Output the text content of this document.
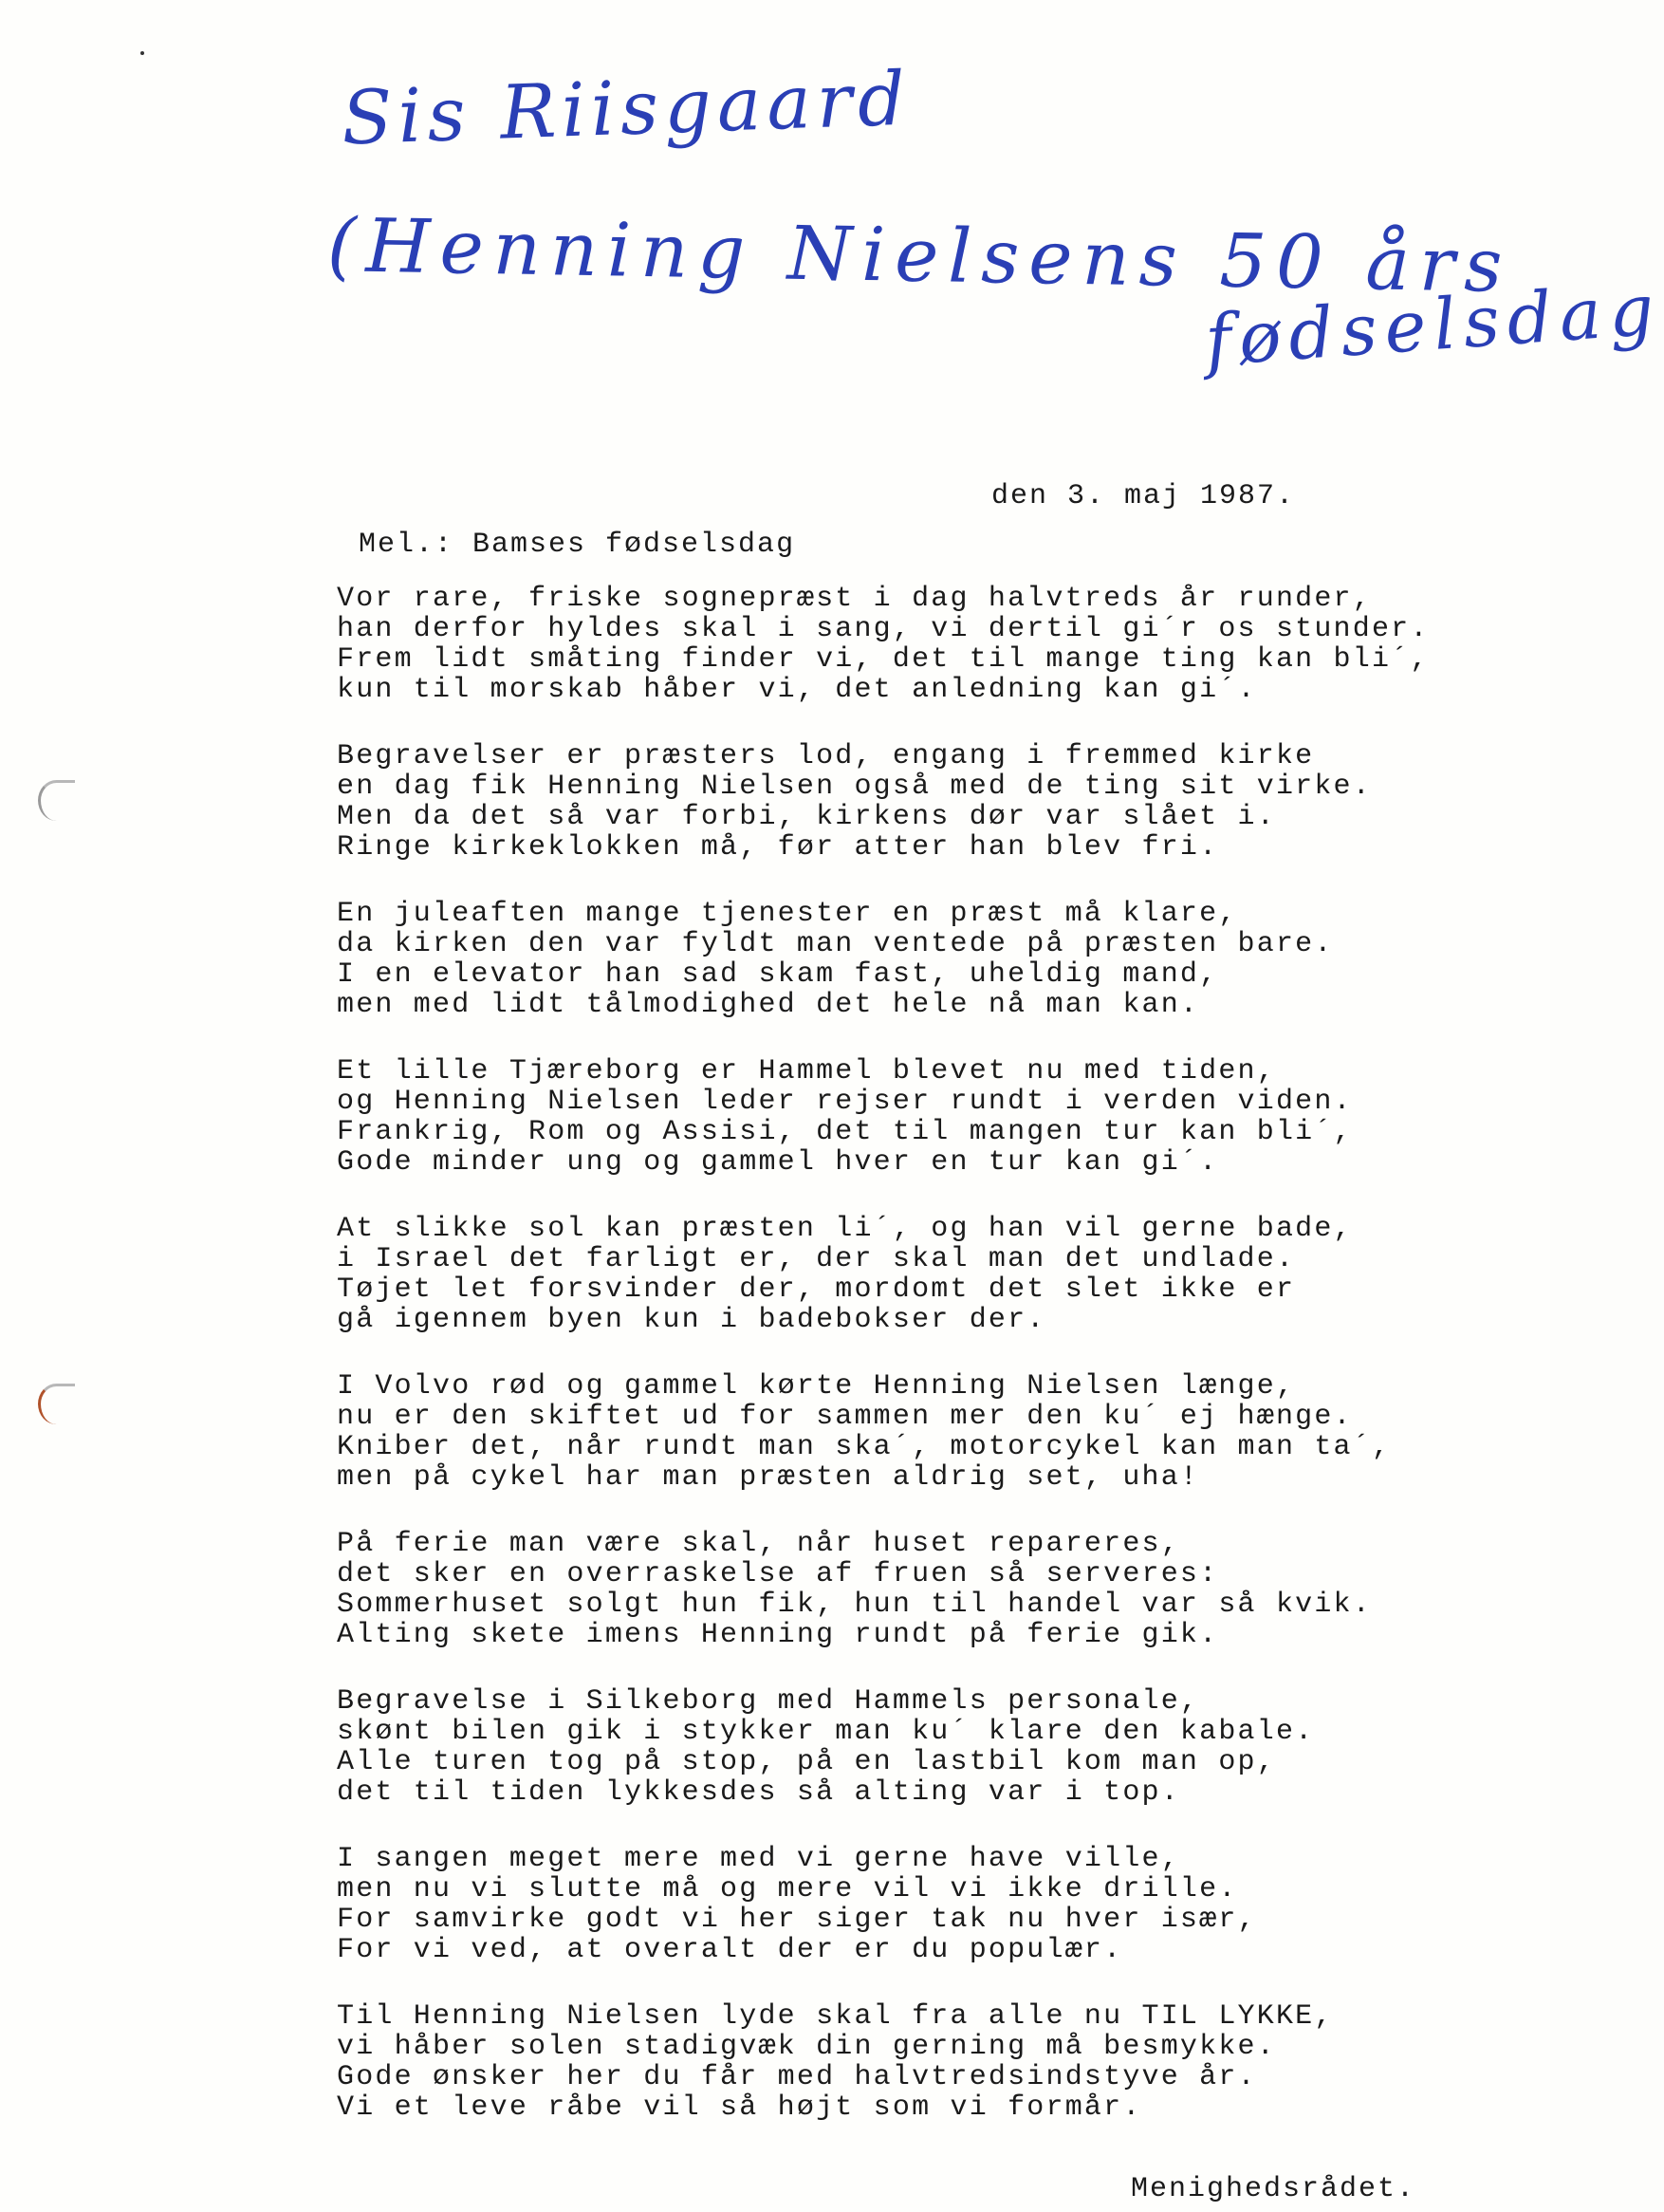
Sis Riisgaard
(Henning Nielsens 50 års
fødselsdag
den 3. maj 1987.
Mel.: Bamses fødselsdag
Vor rare, friske sognepræst i dag halvtreds år runder,
han derfor hyldes skal i sang, vi dertil gi´r os stunder.
Frem lidt småting finder vi, det til mange ting kan bli´,
kun til morskab håber vi, det anledning kan gi´.
Begravelser er præsters lod, engang i fremmed kirke
en dag fik Henning Nielsen også med de ting sit virke.
Men da det så var forbi, kirkens dør var slået i.
Ringe kirkeklokken må, før atter han blev fri.
En juleaften mange tjenester en præst må klare,
da kirken den var fyldt man ventede på præsten bare.
I en elevator han sad skam fast, uheldig mand,
men med lidt tålmodighed det hele nå man kan.
Et lille Tjæreborg er Hammel blevet nu med tiden,
og Henning Nielsen leder rejser rundt i verden viden.
Frankrig, Rom og Assisi, det til mangen tur kan bli´,
Gode minder ung og gammel hver en tur kan gi´.
At slikke sol kan præsten li´, og han vil gerne bade,
i Israel det farligt er, der skal man det undlade.
Tøjet let forsvinder der, mordomt det slet ikke er
gå igennem byen kun i badebokser der.
I Volvo rød og gammel kørte Henning Nielsen længe,
nu er den skiftet ud for sammen mer den ku´ ej hænge.
Kniber det, når rundt man ska´, motorcykel kan man ta´,
men på cykel har man præsten aldrig set, uha!
På ferie man være skal, når huset repareres,
det sker en overraskelse af fruen så serveres:
Sommerhuset solgt hun fik, hun til handel var så kvik.
Alting skete imens Henning rundt på ferie gik.
Begravelse i Silkeborg med Hammels personale,
skønt bilen gik i stykker man ku´ klare den kabale.
Alle turen tog på stop, på en lastbil kom man op,
det til tiden lykkesdes så alting var i top.
I sangen meget mere med vi gerne have ville,
men nu vi slutte må og mere vil vi ikke drille.
For samvirke godt vi her siger tak nu hver især,
For vi ved, at overalt der er du populær.
Til Henning Nielsen lyde skal fra alle nu TIL LYKKE,
vi håber solen stadigvæk din gerning må besmykke.
Gode ønsker her du får med halvtredsindstyve år.
Vi et leve råbe vil så højt som vi formår.
Menighedsrådet.
